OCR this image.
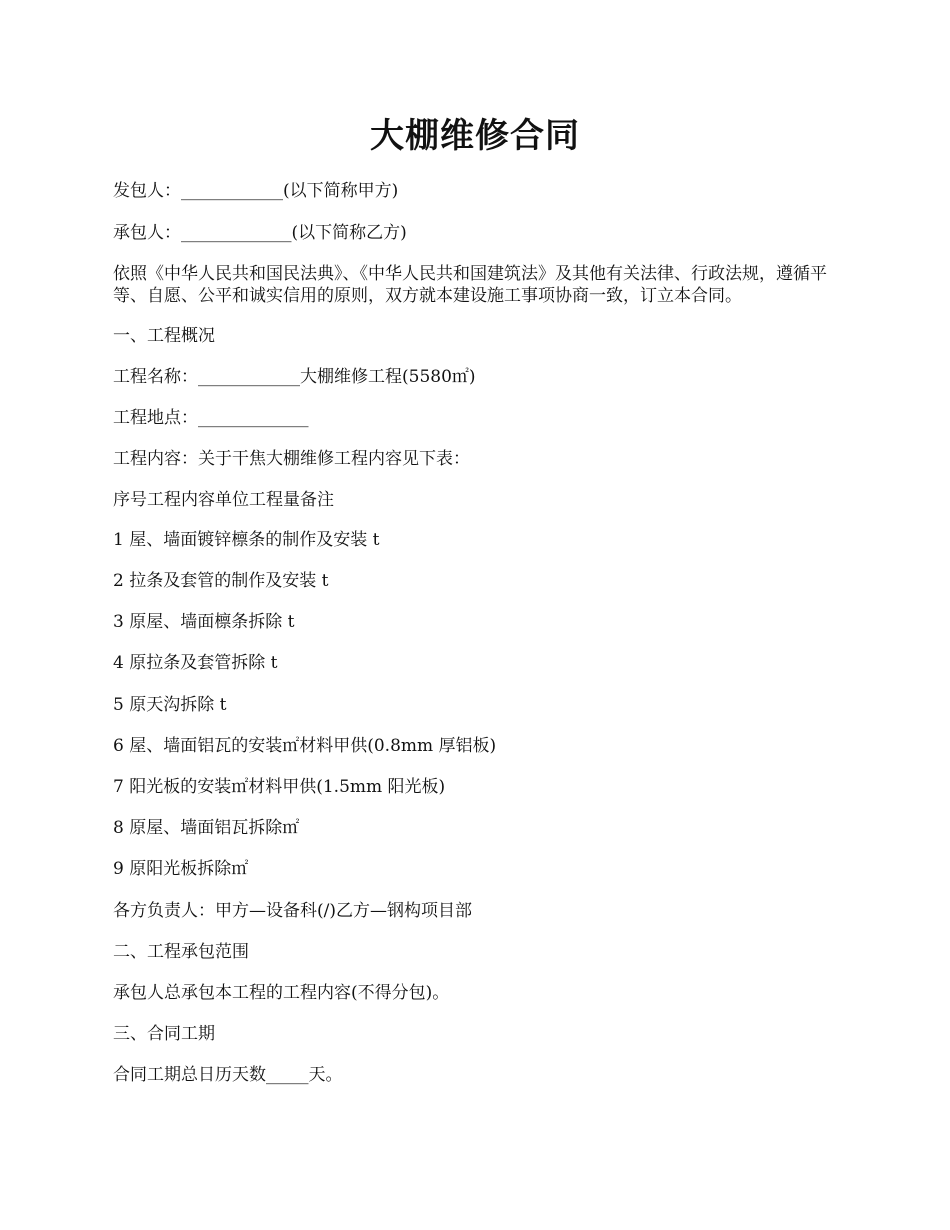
大棚维修合同
发包人：____________(以下简称甲方)
承包人：_____________(以下简称乙方)
依照《中华人民共和国民法典》、《中华人民共和国建筑法》及其他有关法律、行政法规，遵循平等、自愿、公平和诚实信用的原则，双方就本建设施工事项协商一致，订立本合同。
一、工程概况
工程名称：____________大棚维修工程(5580㎡)
工程地点：_____________
工程内容：关于干焦大棚维修工程内容见下表：
序号工程内容单位工程量备注
1 屋、墙面镀锌檩条的制作及安装 t
2 拉条及套管的制作及安装 t
3 原屋、墙面檩条拆除 t
4 原拉条及套管拆除 t
5 原天沟拆除 t
6 屋、墙面铝瓦的安装㎡材料甲供(0.8mm 厚铝板)
7 阳光板的安装㎡材料甲供(1.5mm 阳光板)
8 原屋、墙面铝瓦拆除㎡
9 原阳光板拆除㎡
各方负责人：甲方—设备科(/)乙方—钢构项目部
二、工程承包范围
承包人总承包本工程的工程内容(不得分包)。
三、合同工期
合同工期总日历天数_____天。
